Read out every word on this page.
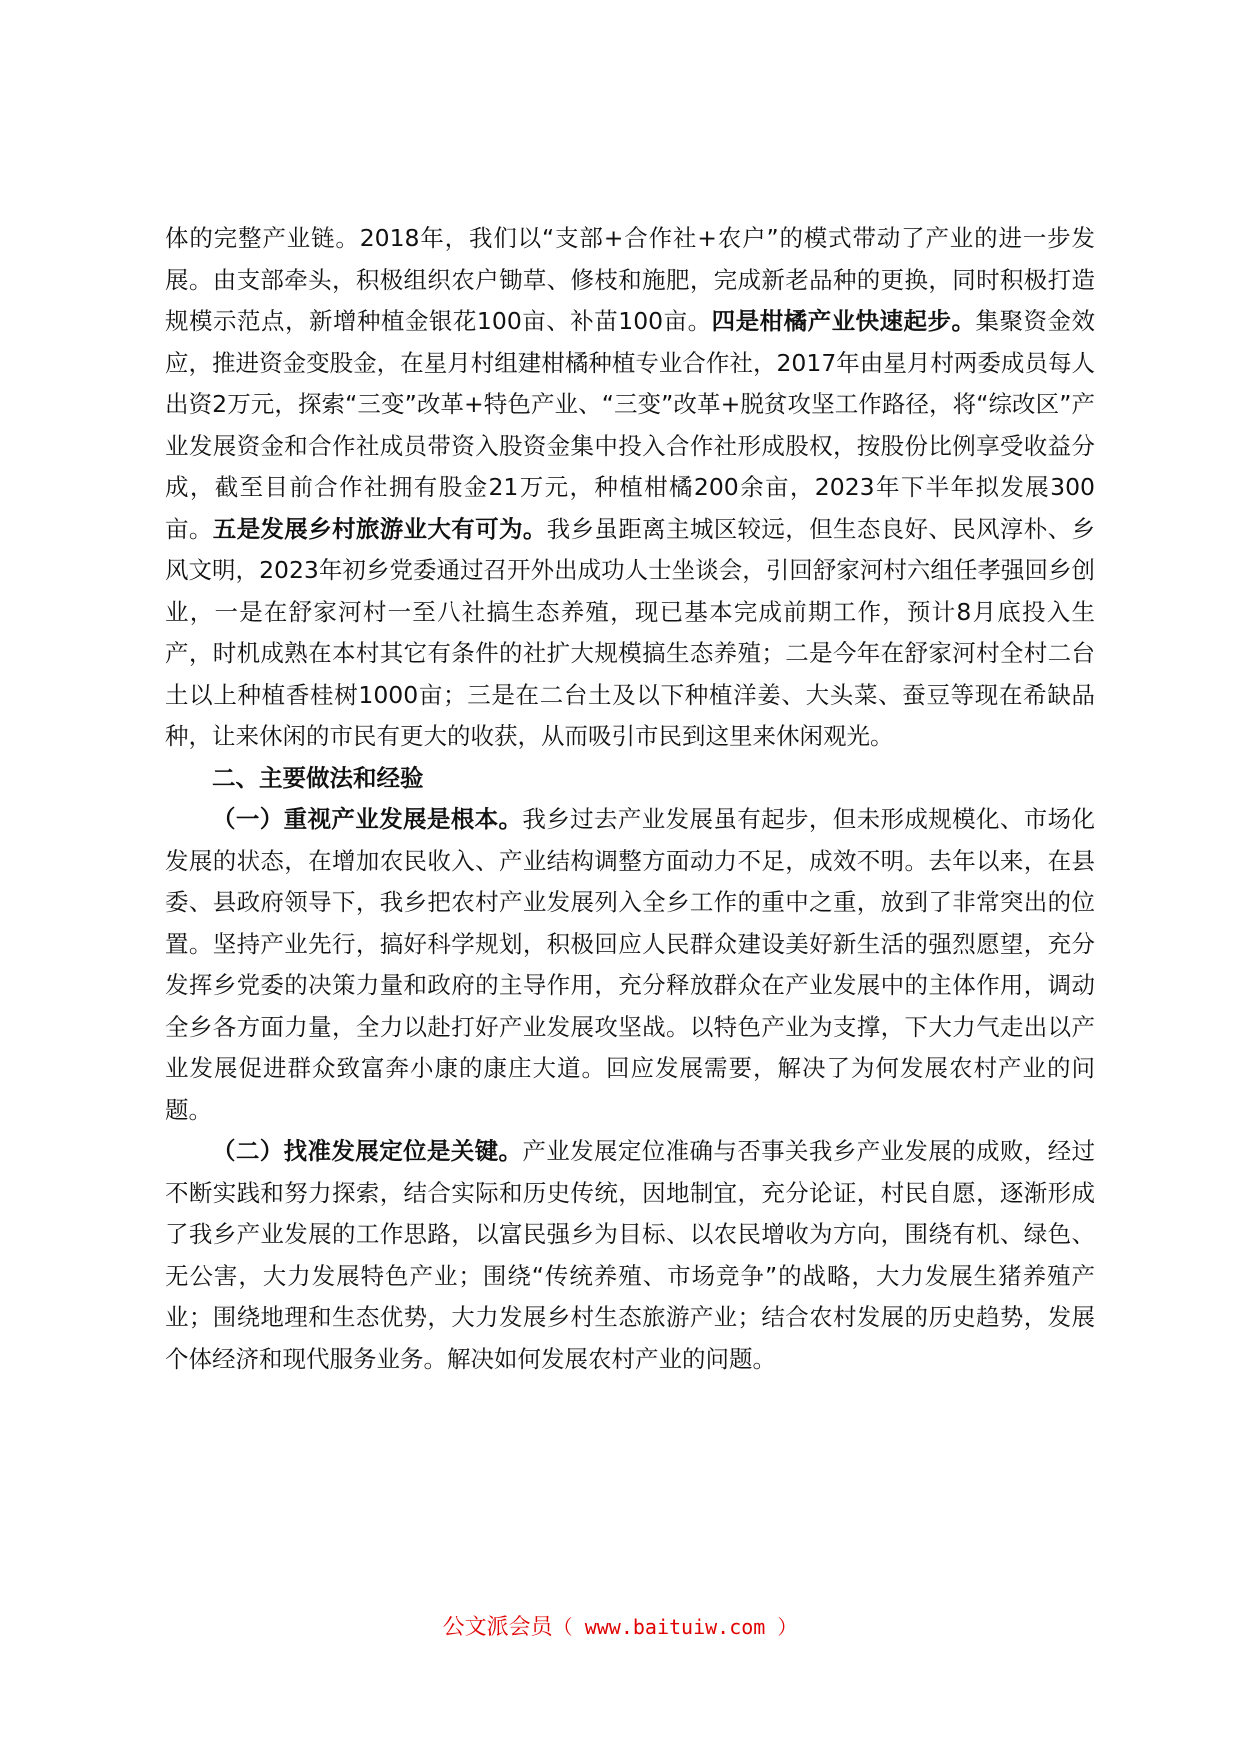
体的完整产业链。2018年，我们以“支部+合作社+农户”的模式带动了产业的进一步发展。由支部牵头，积极组织农户锄草、修枝和施肥，完成新老品种的更换，同时积极打造规模示范点，新增种植金银花100亩、补苗100亩。四是柑橘产业快速起步。集聚资金效应，推进资金变股金，在星月村组建柑橘种植专业合作社，2017年由星月村两委成员每人出资2万元，探索“三变”改革+特色产业、“三变”改革+脱贫攻坚工作路径，将“综改区”产业发展资金和合作社成员带资入股资金集中投入合作社形成股权，按股份比例享受收益分成，截至目前合作社拥有股金21万元，种植柑橘200余亩，2023年下半年拟发展300亩。五是发展乡村旅游业大有可为。我乡虽距离主城区较远，但生态良好、民风淳朴、乡风文明，2023年初乡党委通过召开外出成功人士坐谈会，引回舒家河村六组任孝强回乡创业，一是在舒家河村一至八社搞生态养殖，现已基本完成前期工作，预计8月底投入生产，时机成熟在本村其它有条件的社扩大规模搞生态养殖；二是今年在舒家河村全村二台土以上种植香桂树1000亩；三是在二台土及以下种植洋姜、大头菜、蚕豆等现在希缺品种，让来休闲的市民有更大的收获，从而吸引市民到这里来休闲观光。

二、主要做法和经验

（一）重视产业发展是根本。我乡过去产业发展虽有起步，但未形成规模化、市场化发展的状态，在增加农民收入、产业结构调整方面动力不足，成效不明。去年以来，在县委、县政府领导下，我乡把农村产业发展列入全乡工作的重中之重，放到了非常突出的位置。坚持产业先行，搞好科学规划，积极回应人民群众建设美好新生活的强烈愿望，充分发挥乡党委的决策力量和政府的主导作用，充分释放群众在产业发展中的主体作用，调动全乡各方面力量，全力以赴打好产业发展攻坚战。以特色产业为支撑，下大力气走出以产业发展促进群众致富奔小康的康庄大道。回应发展需要，解决了为何发展农村产业的问题。

（二）找准发展定位是关键。产业发展定位准确与否事关我乡产业发展的成败，经过不断实践和努力探索，结合实际和历史传统，因地制宜，充分论证，村民自愿，逐渐形成了我乡产业发展的工作思路，以富民强乡为目标、以农民增收为方向，围绕有机、绿色、无公害，大力发展特色产业；围绕“传统养殖、市场竞争”的战略，大力发展生猪养殖产业；围绕地理和生态优势，大力发展乡村生态旅游产业；结合农村发展的历史趋势，发展个体经济和现代服务业务。解决如何发展农村产业的问题。

公文派会员（ www.baituiw.com ）
